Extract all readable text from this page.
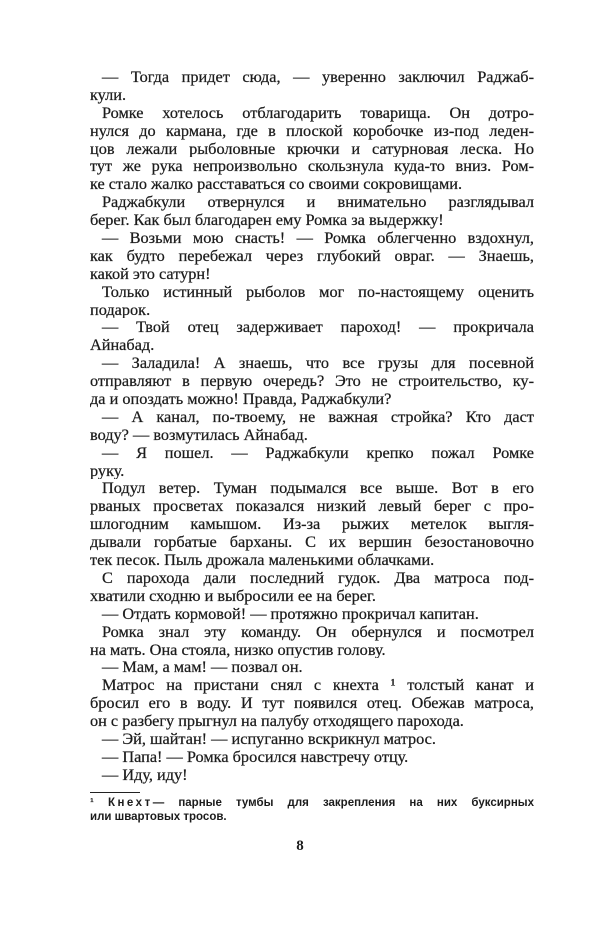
— Тогда придет сюда, — уверенно заключил Раджаб-
кули.
Ромке хотелось отблагодарить товарища. Он дотро-
нулся до кармана, где в плоской коробочке из-под леден-
цов лежали рыболовные крючки и сатурновая леска. Но
тут же рука непроизвольно скользнула куда-то вниз. Ром-
ке стало жалко расставаться со своими сокровищами.
Раджабкули отвернулся и внимательно разглядывал
берег. Как был благодарен ему Ромка за выдержку!
— Возьми мою снасть! — Ромка облегченно вздохнул,
как будто перебежал через глубокий овраг. — Знаешь,
какой это сатурн!
Только истинный рыболов мог по-настоящему оценить
подарок.
— Твой отец задерживает пароход! — прокричала
Айнабад.
— Заладила! А знаешь, что все грузы для посевной
отправляют в первую очередь? Это не строительство, ку-
да и опоздать можно! Правда, Раджабкули?
— А канал, по-твоему, не важная стройка? Кто даст
воду? — возмутилась Айнабад.
— Я пошел. — Раджабкули крепко пожал Ромке
руку.
Подул ветер. Туман подымался все выше. Вот в его
рваных просветах показался низкий левый берег с про-
шлогодним камышом. Из-за рыжих метелок выгля-
дывали горбатые барханы. С их вершин безостановочно
тек песок. Пыль дрожала маленькими облачками.
С парохода дали последний гудок. Два матроса под-
хватили сходню и выбросили ее на берег.
— Отдать кормовой! — протяжно прокричал капитан.
Ромка знал эту команду. Он обернулся и посмотрел
на мать. Она стояла, низко опустив голову.
— Мам, а мам! — позвал он.
Матрос на пристани снял с кнехта ¹ толстый канат и
бросил его в воду. И тут появился отец. Обежав матроса,
он с разбегу прыгнул на палубу отходящего парохода.
— Эй, шайтан! — испуганно вскрикнул матрос.
— Папа! — Ромка бросился навстречу отцу.
— Иду, иду!
¹ Кнехт— парные тумбы для закрепления на них буксирных
или швартовых тросов.
8
